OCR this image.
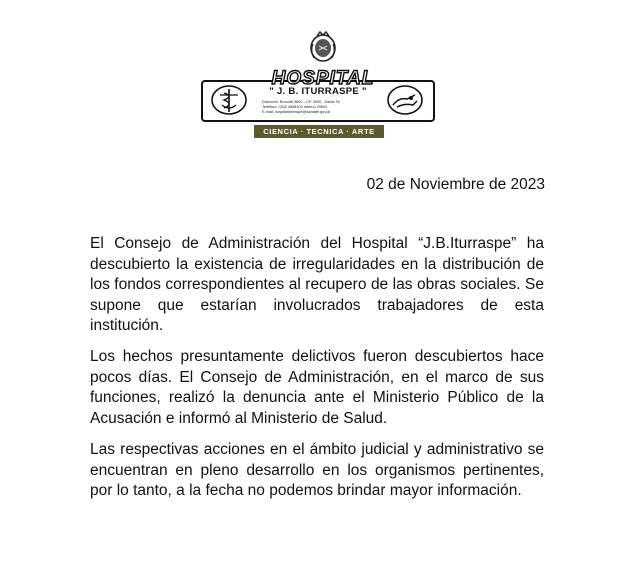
HOSPITAL
" J. B. ITURRASPE "
Dirección: Boruotti 6800 - CP. 3000 - Santa Fe
Teléfono: 0342 4848100 Interno 29604
E-mail: hospitaliturraspe@santafe.gov.ar
CIENCIA · TECNICA · ARTE
02 de Noviembre de 2023

El Consejo de Administración del Hospital “J.B.Iturraspe” ha descubierto la existencia de irregularidades en la distribución de los fondos correspondientes al recupero de las obras sociales. Se supone que estarían involucrados trabajadores de esta institución.

Los hechos presuntamente delictivos fueron descubiertos hace pocos días. El Consejo de Administración, en el marco de sus funciones, realizó la denuncia ante el Ministerio Público de la Acusación e informó al Ministerio de Salud.

Las respectivas acciones en el ámbito judicial y administrativo se encuentran en pleno desarrollo en los organismos pertinentes, por lo tanto, a la fecha no podemos brindar mayor información.
